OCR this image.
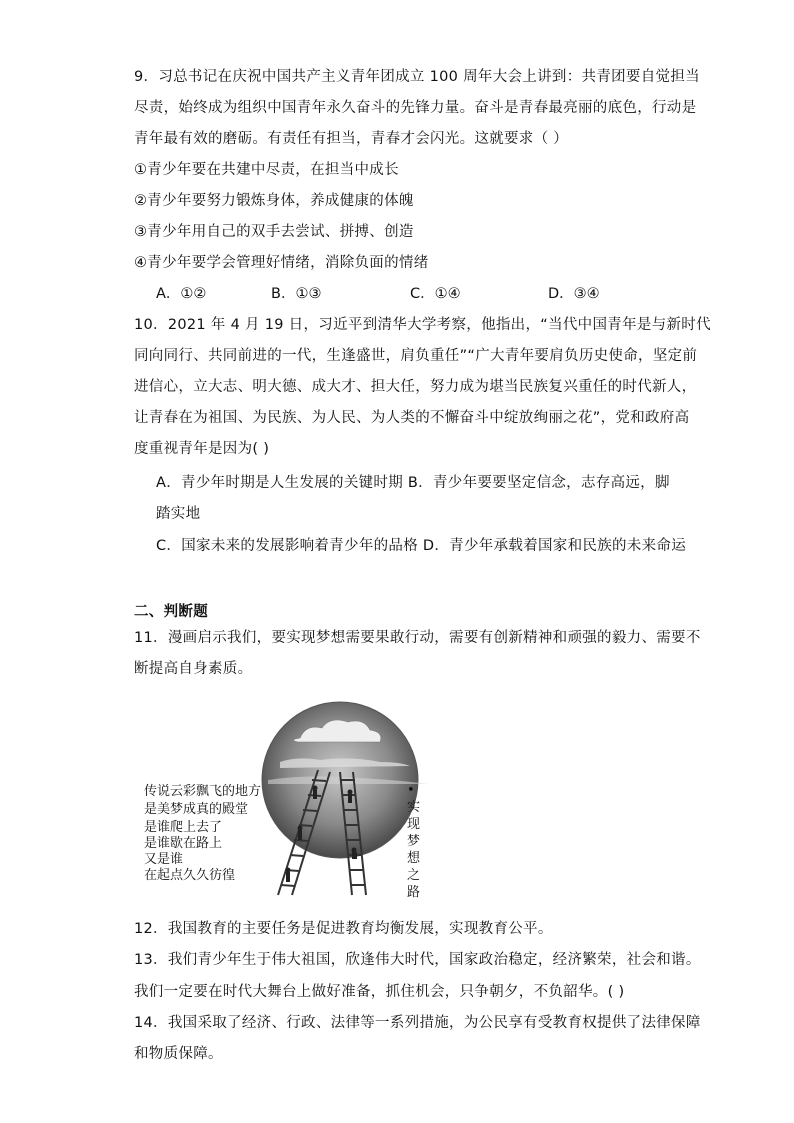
9．习总书记在庆祝中国共产主义青年团成立 100 周年大会上讲到：共青团要自觉担当
尽责，始终成为组织中国青年永久奋斗的先锋力量。奋斗是青春最亮丽的底色，行动是
青年最有效的磨砺。有责任有担当，青春才会闪光。这就要求（ ）
①青少年要在共建中尽责，在担当中成长
②青少年要努力锻炼身体，养成健康的体魄
③青少年用自己的双手去尝试、拼搏、创造
④青少年要学会管理好情绪，消除负面的情绪
A．①②	B．①③	C．①④	D．③④
10．2021 年 4 月 19 日，习近平到清华大学考察，他指出，“当代中国青年是与新时代
同向同行、共同前进的一代，生逢盛世，肩负重任”“广大青年要肩负历史使命，坚定前
进信心，立大志、明大德、成大才、担大任，努力成为堪当民族复兴重任的时代新人，
让青春在为祖国、为民族、为人民、为人类的不懈奋斗中绽放绚丽之花”，党和政府高
度重视青年是因为( )
A．青少年时期是人生发展的关键时期 B．青少年要要坚定信念，志存高远，脚
踏实地
C．国家未来的发展影响着青少年的品格 D．青少年承载着国家和民族的未来命运
二、判断题
11．漫画启示我们，要实现梦想需要果敢行动，需要有创新精神和顽强的毅力、需要不
断提高自身素质。
传说云彩飘飞的地方
是美梦成真的殿堂
是谁爬上去了
是谁歇在路上
又是谁
在起点久久彷徨
•
实
现
梦
想
之
路
12．我国教育的主要任务是促进教育均衡发展，实现教育公平。
13．我们青少年生于伟大祖国，欣逢伟大时代，国家政治稳定，经济繁荣，社会和谐。
我们一定要在时代大舞台上做好准备，抓住机会，只争朝夕，不负韶华。( )
14．我国采取了经济、行政、法律等一系列措施，为公民享有受教育权提供了法律保障
和物质保障。
